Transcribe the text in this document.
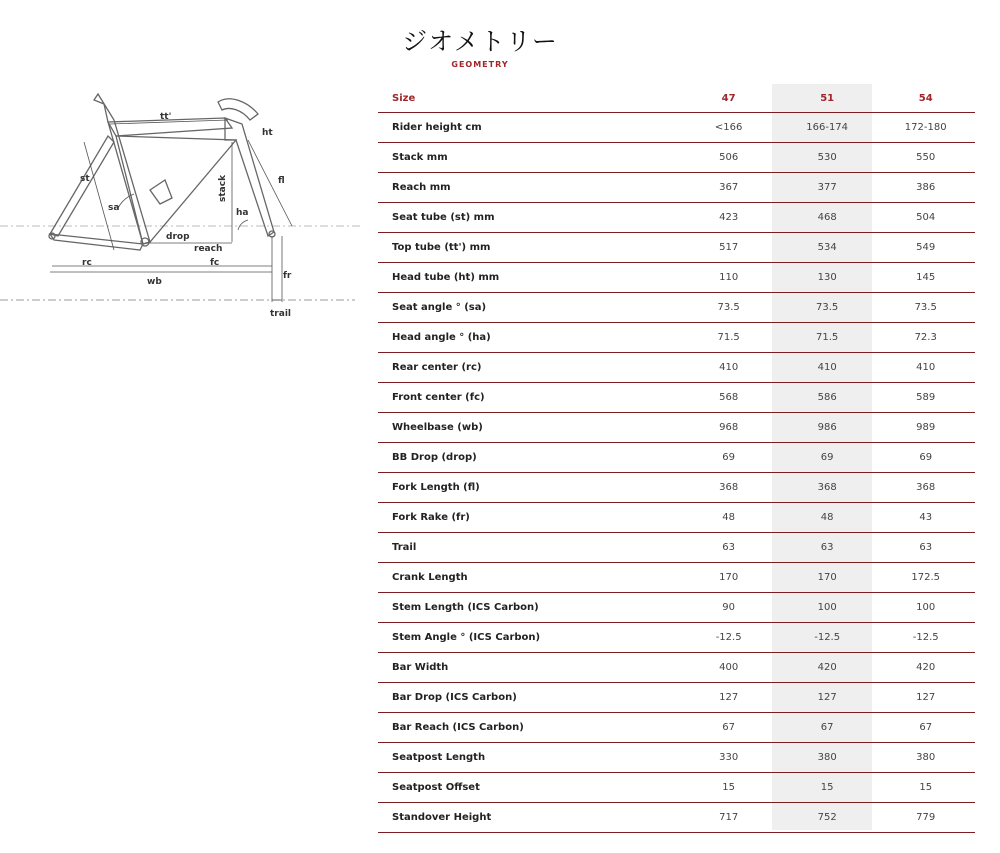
ジオメトリー
GEOMETRY
tt'
ht
st	fl
stack
sa	ha
drop
reach
rc	fc
fr
wb
trail
Size	47	51	54
Rider height cm	<166	166-174	172-180
Stack mm	506	530	550
Reach mm	367	377	386
Seat tube (st) mm	423	468	504
Top tube (tt') mm	517	534	549
Head tube (ht) mm	110	130	145
Seat angle ° (sa)	73.5	73.5	73.5
Head angle ° (ha)	71.5	71.5	72.3
Rear center (rc)	410	410	410
Front center (fc)	568	586	589
Wheelbase (wb)	968	986	989
BB Drop (drop)	69	69	69
Fork Length (fl)	368	368	368
Fork Rake (fr)	48	48	43
Trail	63	63	63
Crank Length	170	170	172.5
Stem Length (ICS Carbon)	90	100	100
Stem Angle ° (ICS Carbon)	-12.5	-12.5	-12.5
Bar Width	400	420	420
Bar Drop (ICS Carbon)	127	127	127
Bar Reach (ICS Carbon)	67	67	67
Seatpost Length	330	380	380
Seatpost Offset	15	15	15
Standover Height	717	752	779
